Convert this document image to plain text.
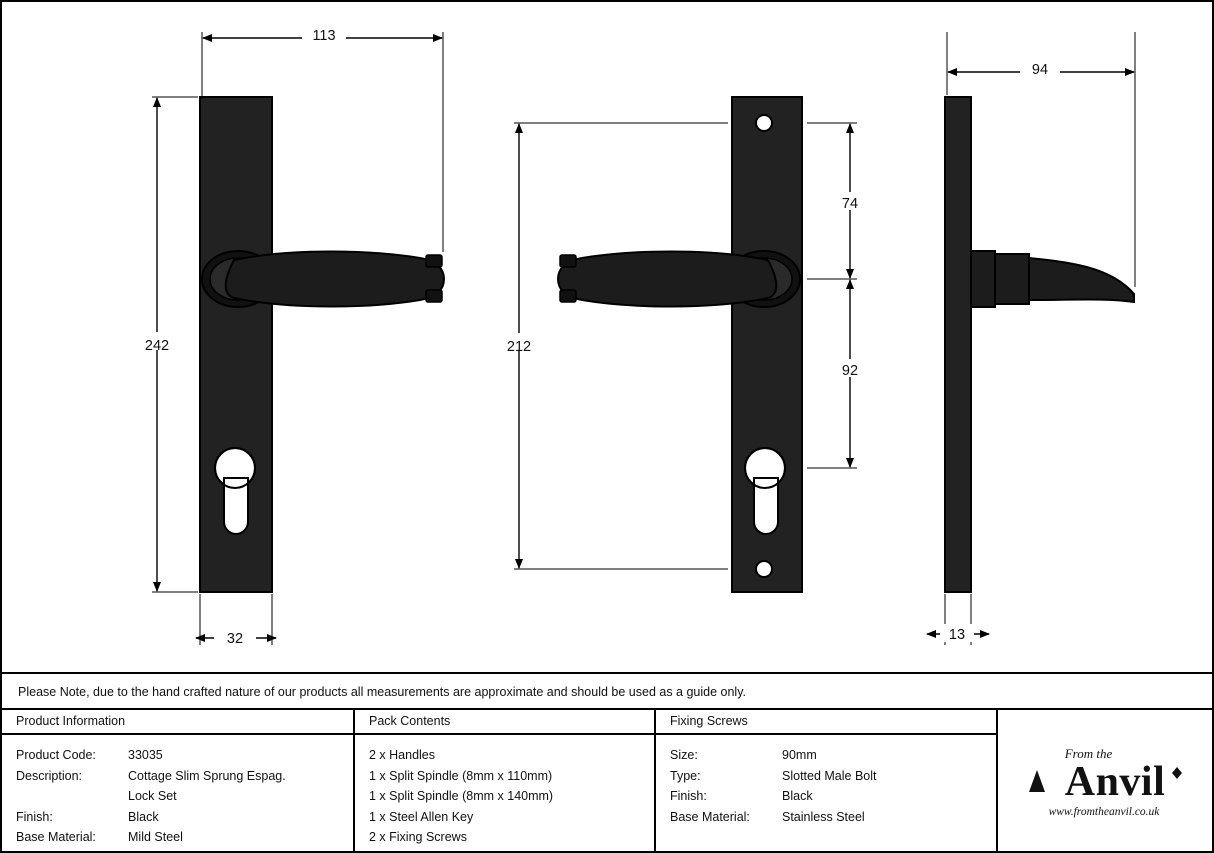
113
242
32
212
74
92
94
13
Please Note, due to the hand crafted nature of our products all measurements are approximate and should be used as a guide only.
Product Information
Product Code:	33035
Description:	Cottage Slim Sprung Espag.
Lock Set
Finish:	Black
Base Material:	Mild Steel
Pack Contents
2 x Handles
1 x Split Spindle (8mm x 110mm)
1 x Split Spindle (8mm x 140mm)
1 x Steel Allen Key
2 x Fixing Screws
Fixing Screws
Size:	90mm
Type:	Slotted Male Bolt
Finish:	Black
Base Material:	Stainless Steel
From the
Anvil
www.fromtheanvil.co.uk
